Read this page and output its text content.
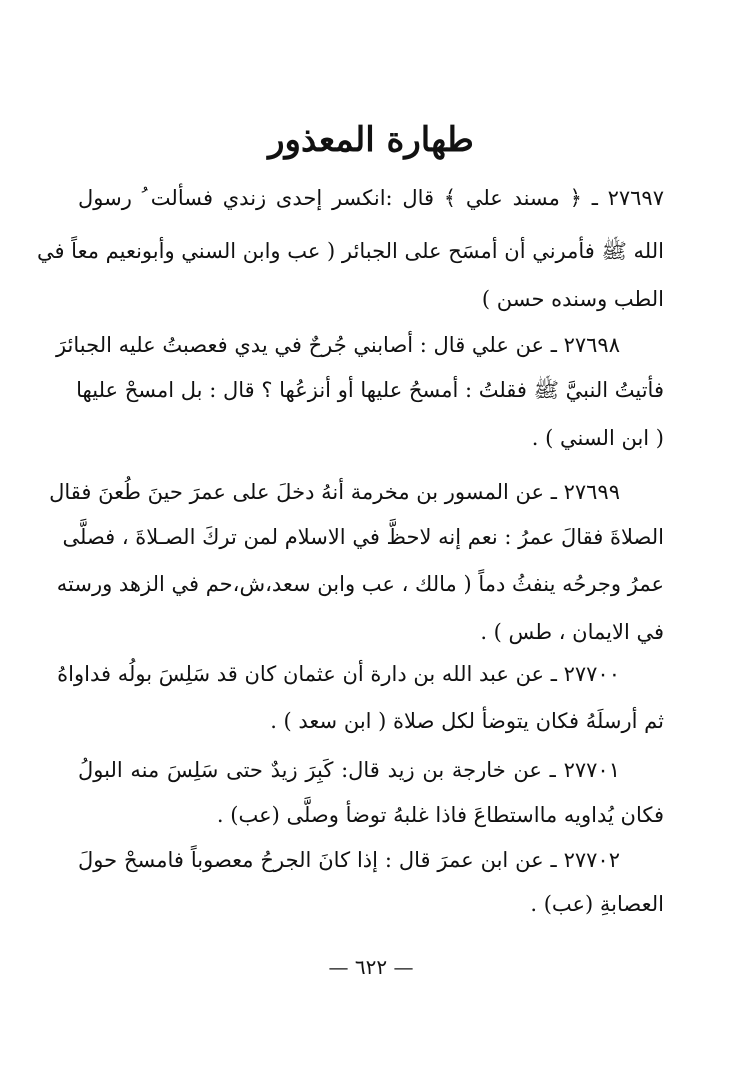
طهارة المعذور
٢٧٦٩٧ ـ ﴿ مسند علي ﴾ قال :انكسر إحدى زندي فسألت ُ رسول
الله ﷺ فأمرني أن أمسَح على الجبائر ( عب وابن السني وأبونعيم معاً في
الطب وسنده حسن )
٢٧٦٩٨ ـ عن علي قال : أصابني جُرحٌ في يدي فعصبتُ عليه الجبائرَ
فأتيتُ النبيَّ ﷺ فقلتُ : أمسحُ عليها أو أنزعُها ؟ قال : بل امسحْ عليها
( ابن السني ) .
٢٧٦٩٩ ـ عن المسور بن مخرمة أنهُ دخلَ على عمرَ حينَ طُعنَ فقال
الصلاةَ فقالَ عمرُ : نعم إنه لاحظَّ في الاسلام لمن تركَ الصـلاةَ ، فصلَّى
عمرُ وجرحُه ينفثُ دماً ( مالك ، عب وابن سعد،ش،حم في الزهد ورسته
في الايمان ، طس ) .
٢٧٧٠٠ ـ عن عبد الله بن دارة أن عثمان كان قد سَلِسَ بولُه فداواهُ
ثم أرسلَهُ فكان يتوضأ لكل صلاة ( ابن سعد ) .
٢٧٧٠١ ـ عن خارجة بن زيد قال: كَبِرَ زيدٌ حتى سَلِسَ منه البولُ
فكان يُداويه مااستطاعَ فاذا غلبهُ توضأ وصلَّى (عب) .
٢٧٧٠٢ ـ عن ابن عمرَ قال : إذا كانَ الجرحُ معصوباً فامسحْ حولَ
العصابةِ (عب) .
— ٦٢٢ —
